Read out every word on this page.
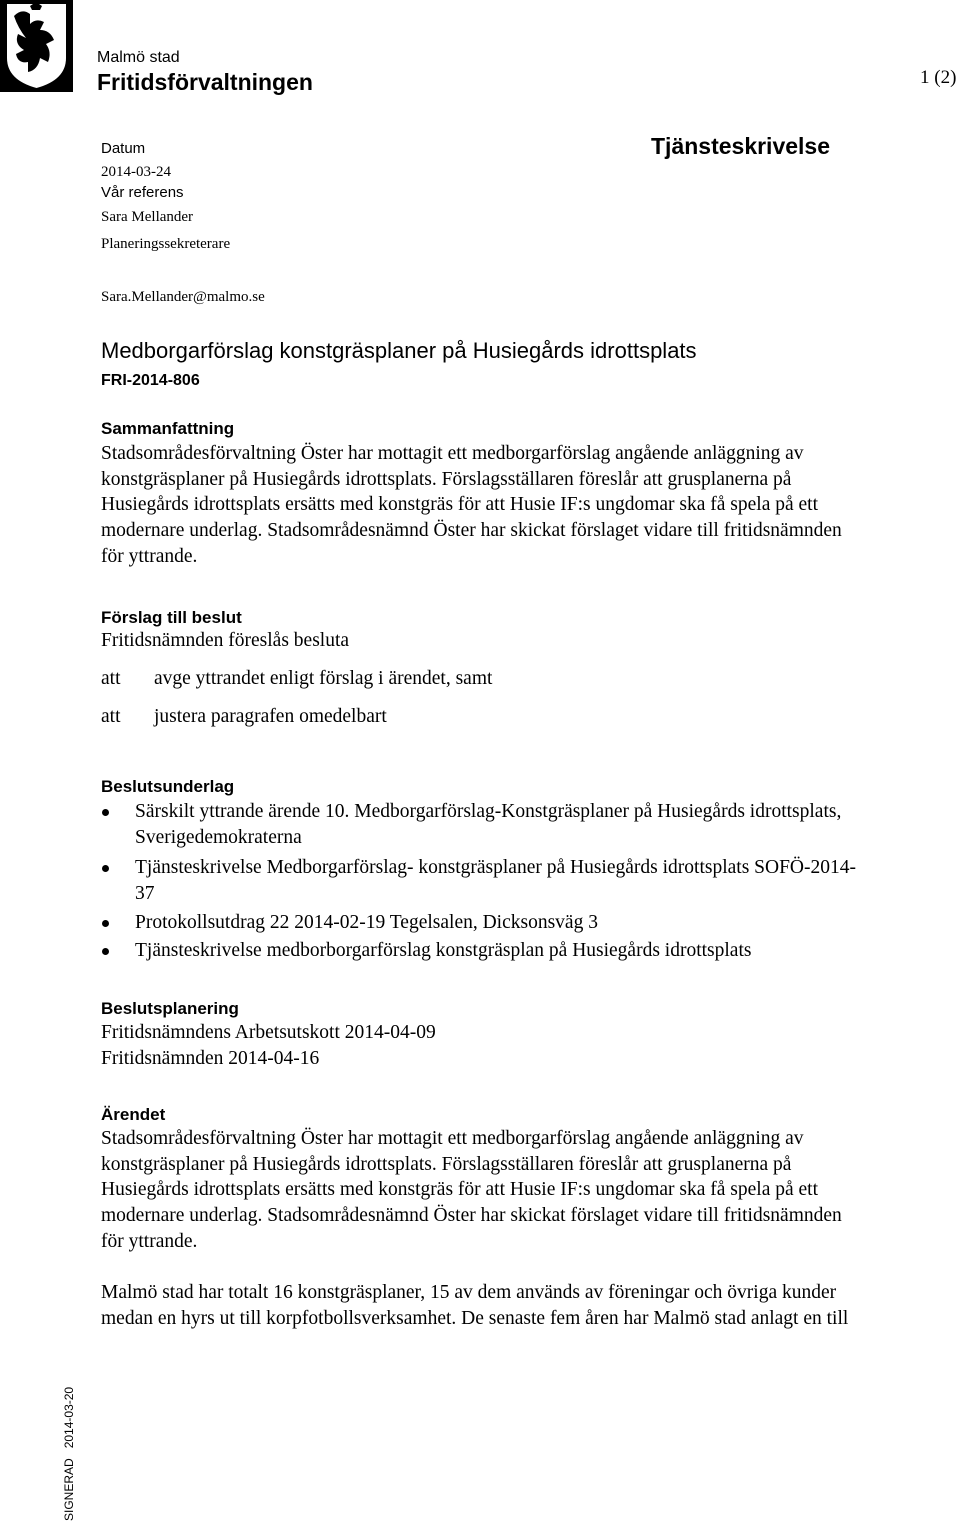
Malmö stad
Fritidsförvaltningen	1 (2)
Datum
2014-03-24
Vår referens
Sara Mellander
Planeringssekreterare
Sara.Mellander@malmo.se
Tjänsteskrivelse
Medborgarförslag konstgräsplaner på Husiegårds idrottsplats
FRI-2014-806
Sammanfattning

Stadsområdesförvaltning Öster har mottagit ett medborgarförslag angående anläggning av

konstgräsplaner på Husiegårds idrottsplats. Förslagsställaren föreslår att grusplanerna på

Husiegårds idrottsplats ersätts med konstgräs för att Husie IF:s ungdomar ska få spela på ett

modernare underlag. Stadsområdesnämnd Öster har skickat förslaget vidare till fritidsnämnden

för yttrande.

Förslag till beslut
Fritidsnämnden föreslås besluta
att avge yttrandet enligt förslag i ärendet, samt
att justera paragrafen omedelbart
Beslutsunderlag

Särskilt yttrande ärende 10. Medborgarförslag-Konstgräsplaner på Husiegårds idrottsplats,

Sverigedemokraterna

Tjänsteskrivelse Medborgarförslag- konstgräsplaner på Husiegårds idrottsplats SOFÖ-2014-

37

Protokollsutdrag 22 2014-02-19 Tegelsalen, Dicksonsväg 3

Tjänsteskrivelse medborborgarförslag konstgräsplan på Husiegårds idrottsplats

Beslutsplanering

Fritidsnämndens Arbetsutskott 2014-04-09

Fritidsnämnden 2014-04-16

Ärendet

Stadsområdesförvaltning Öster har mottagit ett medborgarförslag angående anläggning av

konstgräsplaner på Husiegårds idrottsplats. Förslagsställaren föreslår att grusplanerna på

Husiegårds idrottsplats ersätts med konstgräs för att Husie IF:s ungdomar ska få spela på ett

modernare underlag. Stadsområdesnämnd Öster har skickat förslaget vidare till fritidsnämnden

för yttrande.

Malmö stad har totalt 16 konstgräsplaner, 15 av dem används av föreningar och övriga kunder

medan en hyrs ut till korpfotbollsverksamhet. De senaste fem åren har Malmö stad anlagt en till

SIGNERAD   2014-03-20
